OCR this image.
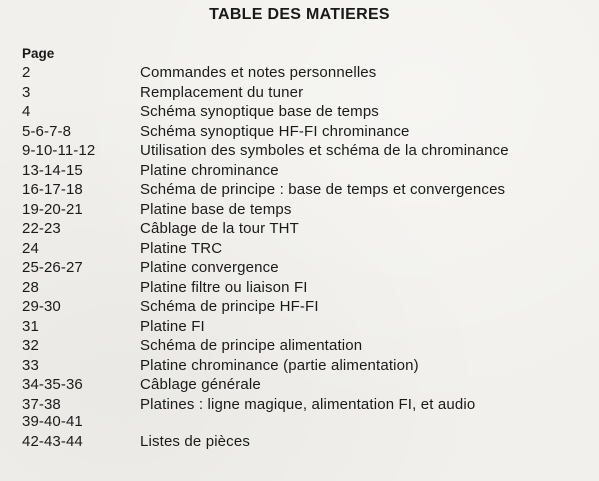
TABLE DES MATIERES
Page
2	Commandes et notes personnelles
3	Remplacement du tuner
4	Schéma synoptique base de temps
5-6-7-8	Schéma synoptique HF-FI chrominance
9-10-11-12	Utilisation des symboles et schéma de la chrominance
13-14-15	Platine chrominance
16-17-18	Schéma de principe : base de temps et convergences
19-20-21	Platine base de temps
22-23	Câblage de la tour THT
24	Platine TRC
25-26-27	Platine convergence
28	Platine filtre ou liaison FI
29-30	Schéma de principe HF-FI
31	Platine FI
32	Schéma de principe alimentation
33	Platine chrominance (partie alimentation)
34-35-36	Câblage générale
37-38	Platines : ligne magique, alimentation FI, et audio
39-40-41
42-43-44	Listes de pièces
